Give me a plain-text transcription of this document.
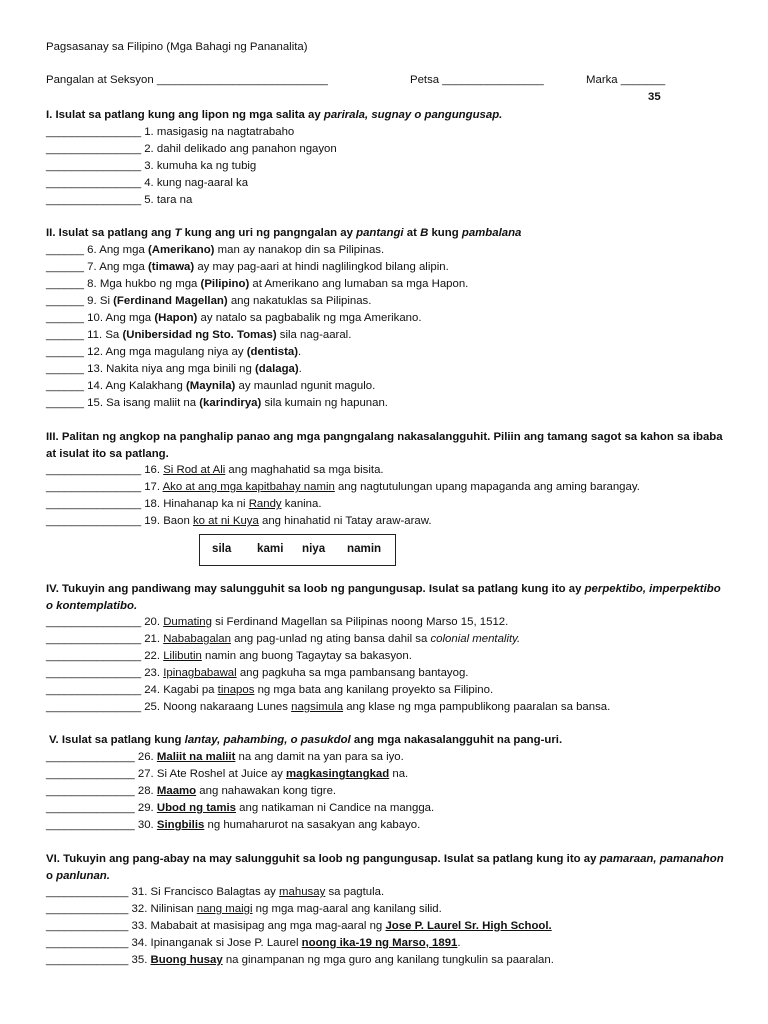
Pagsasanay sa Filipino (Mga Bahagi ng Pananalita)
Pangalan at Seksyon ___________________________	Petsa ________________	Marka _______
35
I. Isulat sa patlang kung ang lipon ng mga salita ay parirala, sugnay o pangungusap.
_______________ 1. masigasig na nagtatrabaho
_______________ 2. dahil delikado ang panahon ngayon
_______________ 3. kumuha ka ng tubig
_______________ 4. kung nag-aaral ka
_______________ 5. tara na
II. Isulat sa patlang ang T kung ang uri ng pangngalan ay pantangi at B kung pambalana
______ 6. Ang mga (Amerikano) man ay nanakop din sa Pilipinas.
______ 7. Ang mga (timawa) ay may pag-aari at hindi naglilingkod bilang alipin.
______ 8. Mga hukbo ng mga (Pilipino) at Amerikano ang lumaban sa mga Hapon.
______ 9. Si (Ferdinand Magellan) ang nakatuklas sa Pilipinas.
______ 10. Ang mga (Hapon) ay natalo sa pagbabalik ng mga Amerikano.
______ 11. Sa (Unibersidad ng Sto. Tomas) sila nag-aaral.
______ 12. Ang mga magulang niya ay (dentista).
______ 13. Nakita niya ang mga binili ng (dalaga).
______ 14. Ang Kalakhang (Maynila) ay maunlad ngunit magulo.
______ 15. Sa isang maliit na (karindirya) sila kumain ng hapunan.
III. Palitan ng angkop na panghalip panao ang mga pangngalang nakasalangguhit. Piliin ang tamang sagot sa kahon sa ibaba at isulat ito sa patlang.
_______________ 16. Si Rod at Ali ang maghahatid sa mga bisita.
_______________ 17. Ako at ang mga kapitbahay namin ang nagtutulungan upang mapaganda ang aming barangay.
_______________ 18. Hinahanap ka ni Randy kanina.
_______________ 19. Baon ko at ni Kuya ang hinahatid ni Tatay araw-araw.
sila kami niya namin
IV. Tukuyin ang pandiwang may salungguhit sa loob ng pangungusap. Isulat sa patlang kung ito ay perpektibo, imperpektibo o kontemplatibo.
_______________ 20. Dumating si Ferdinand Magellan sa Pilipinas noong Marso 15, 1512.
_______________ 21. Nababagalan ang pag-unlad ng ating bansa dahil sa colonial mentality.
_______________ 22. Lilibutin namin ang buong Tagaytay sa bakasyon.
_______________ 23. Ipinagbabawal ang pagkuha sa mga pambansang bantayog.
_______________ 24. Kagabi pa tinapos ng mga bata ang kanilang proyekto sa Filipino.
_______________ 25. Noong nakaraang Lunes nagsimula ang klase ng mga pampublikong paaralan sa bansa.
V. Isulat sa patlang kung lantay, pahambing, o pasukdol ang mga nakasalangguhit na pang-uri.
______________ 26. Maliit na maliit na ang damit na yan para sa iyo.
______________ 27. Si Ate Roshel at Juice ay magkasingtangkad na.
______________ 28. Maamo ang nahawakan kong tigre.
______________ 29. Ubod ng tamis ang natikaman ni Candice na mangga.
______________ 30. Singbilis ng humaharurot na sasakyan ang kabayo.
VI. Tukuyin ang pang-abay na may salungguhit sa loob ng pangungusap. Isulat sa patlang kung ito ay pamaraan, pamanahon o panlunan.
_____________ 31. Si Francisco Balagtas ay mahusay sa pagtula.
_____________ 32. Nilinisan nang maigi ng mga mag-aaral ang kanilang silid.
_____________ 33. Mababait at masisipag ang mga mag-aaral ng Jose P. Laurel Sr. High School.
_____________ 34. Ipinanganak si Jose P. Laurel noong ika-19 ng Marso, 1891.
_____________ 35. Buong husay na ginampanan ng mga guro ang kanilang tungkulin sa paaralan.
